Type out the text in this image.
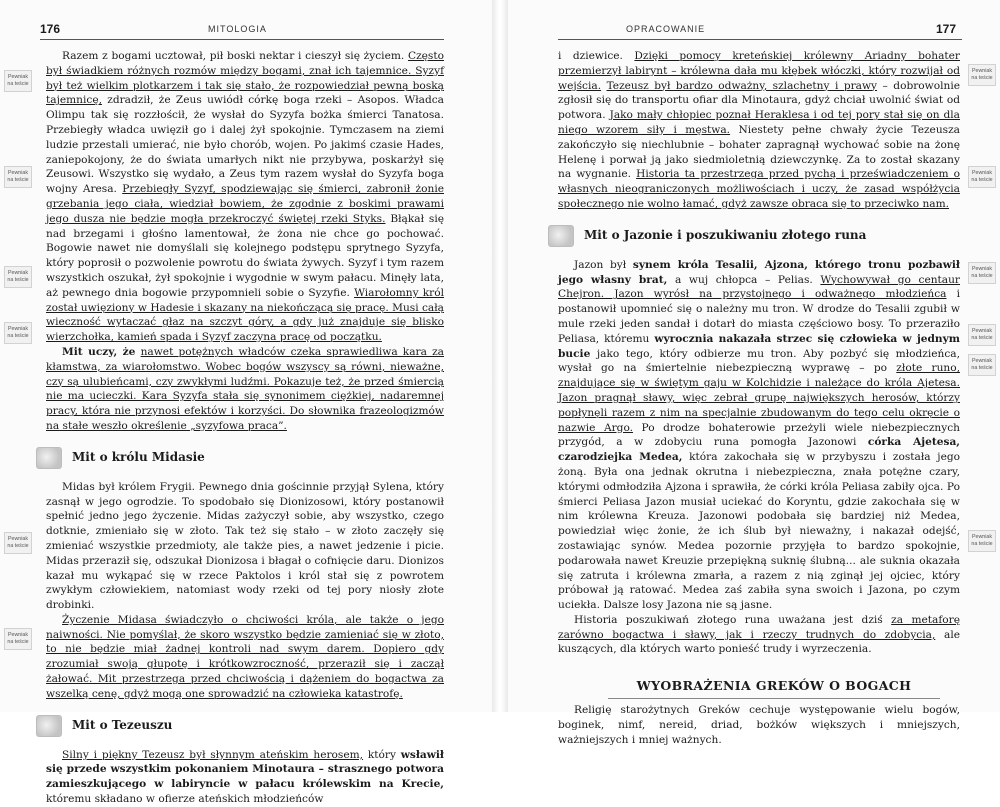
176	MITOLOGIA

Razem z bogami ucztował, pił boski nektar i cieszył się życiem. Często był świadkiem różnych rozmów między bogami, znał ich tajemnice. Syzyf był też wielkim plotkarzem i tak się stało, że rozpowiedział pewną boską tajemnicę, zdradził, że Zeus uwiódł córkę boga rzeki – Asopos. Władca Olimpu tak się rozzłościł, że wysłał do Syzyfa bożka śmierci Tanatosa. Przebiegły władca uwięził go i dalej żył spokojnie. Tymczasem na ziemi ludzie przestali umierać, nie było chorób, wojen. Po jakimś czasie Hades, zaniepokojony, że do świata umarłych nikt nie przybywa, poskarżył się Zeusowi. Wszystko się wydało, a Zeus tym razem wysłał do Syzyfa boga wojny Aresa. Przebiegły Syzyf, spodziewając się śmierci, zabronił żonie grzebania jego ciała, wiedział bowiem, że zgodnie z boskimi prawami jego dusza nie będzie mogła przekroczyć świętej rzeki Styks. Błąkał się nad brzegami i głośno lamentował, że żona nie chce go pochować. Bogowie nawet nie domyślali się kolejnego podstępu sprytnego Syzyfa, który poprosił o pozwolenie powrotu do świata żywych. Syzyf i tym razem wszystkich oszukał, żył spokojnie i wygodnie w swym pałacu. Minęły lata, aż pewnego dnia bogowie przypomnieli sobie o Syzyfie. Wiarołomny król został uwięziony w Hadesie i skazany na niekończącą się pracę. Musi całą wieczność wytaczać głaz na szczyt góry, a gdy już znajduje się blisko wierzchołka, kamień spada i Syzyf zaczyna pracę od początku.

Mit uczy, że nawet potężnych władców czeka sprawiedliwa kara za kłamstwa, za wiarołomstwo. Wobec bogów wszyscy są równi, nieważne, czy są ulubieńcami, czy zwykłymi ludźmi. Pokazuje też, że przed śmiercią nie ma ucieczki. Kara Syzyfa stała się synonimem ciężkiej, nadaremnej pracy, która nie przynosi efektów i korzyści. Do słownika frazeologizmów na stałe weszło określenie „syzyfowa praca”.

Mit o królu Midasie

Midas był królem Frygii. Pewnego dnia gościnnie przyjął Sylena, który zasnął w jego ogrodzie. To spodobało się Dionizosowi, który postanowił spełnić jedno jego życzenie. Midas zażyczył sobie, aby wszystko, czego dotknie, zmieniało się w złoto. Tak też się stało – w złoto zaczęły się zmieniać wszystkie przedmioty, ale także pies, a nawet jedzenie i picie. Midas przeraził się, odszukał Dionizosa i błagał o cofnięcie daru. Dionizos kazał mu wykąpać się w rzece Paktolos i król stał się z powrotem zwykłym człowiekiem, natomiast wody rzeki od tej pory niosły złote drobinki.

Życzenie Midasa świadczyło o chciwości króla, ale także o jego naiwności. Nie pomyślał, że skoro wszystko będzie zamieniać się w złoto, to nie będzie miał żadnej kontroli nad swym darem. Dopiero gdy zrozumiał swoją głupotę i krótkowzroczność, przeraził się i zaczął żałować. Mit przestrzega przed chciwością i dążeniem do bogactwa za wszelką cenę, gdyż mogą one sprowadzić na człowieka katastrofę.

Mit o Tezeuszu

Silny i piękny Tezeusz był słynnym ateńskim herosem, który wsławił się przede wszystkim pokonaniem Minotaura – strasznego potwora zamieszkującego w labiryncie w pałacu królewskim na Krecie, któremu składano w ofierze ateńskich młodzieńców

Pewniak
na teście
Pewniak
na teście
Pewniak
na teście
Pewniak
na teście
Pewniak
na teście
Pewniak
na teście
OPRACOWANIE	177

i dziewice. Dzięki pomocy kreteńskiej królewny Ariadny bohater przemierzył labirynt – królewna dała mu kłębek włóczki, który rozwijał od wejścia. Tezeusz był bardzo odważny, szlachetny i prawy – dobrowolnie zgłosił się do transportu ofiar dla Minotaura, gdyż chciał uwolnić świat od potwora. Jako mały chłopiec poznał Heraklesa i od tej pory stał się on dla niego wzorem siły i męstwa. Niestety pełne chwały życie Tezeusza zakończyło się niechlubnie – bohater zapragnął wychować sobie na żonę Helenę i porwał ją jako siedmioletnią dziewczynkę. Za to został skazany na wygnanie. Historia ta przestrzega przed pychą i przeświadczeniem o własnych nieograniczonych możliwościach i uczy, że zasad współżycia społecznego nie wolno łamać, gdyż zawsze obraca się to przeciwko nam.

Mit o Jazonie i poszukiwaniu złotego runa

Jazon był synem króla Tesalii, Ajzona, którego tronu pozbawił jego własny brat, a wuj chłopca – Pelias. Wychowywał go centaur Chejron. Jazon wyrósł na przystojnego i odważnego młodzieńca i postanowił upomnieć się o należny mu tron. W drodze do Tesalii zgubił w mule rzeki jeden sandał i dotarł do miasta częściowo bosy. To przeraziło Peliasa, któremu wyrocznia nakazała strzec się człowieka w jednym bucie jako tego, który odbierze mu tron. Aby pozbyć się młodzieńca, wysłał go na śmiertelnie niebezpieczną wyprawę – po złote runo, znajdujące się w świętym gaju w Kolchidzie i należące do króla Ajetesa. Jazon pragnął sławy, więc zebrał grupę największych herosów, którzy popłynęli razem z nim na specjalnie zbudowanym do tego celu okręcie o nazwie Argo. Po drodze bohaterowie przeżyli wiele niebezpiecznych przygód, a w zdobyciu runa pomogła Jazonowi córka Ajetesa, czarodziejka Medea, która zakochała się w przybyszu i została jego żoną. Była ona jednak okrutna i niebezpieczna, znała potężne czary, którymi odmłodziła Ajzona i sprawiła, że córki króla Peliasa zabiły ojca. Po śmierci Peliasa Jazon musiał uciekać do Koryntu, gdzie zakochała się w nim królewna Kreuza. Jazonowi podobała się bardziej niż Medea, powiedział więc żonie, że ich ślub był nieważny, i nakazał odejść, zostawiając synów. Medea pozornie przyjęła to bardzo spokojnie, podarowała nawet Kreuzie przepiękną suknię ślubną... ale suknia okazała się zatruta i królewna zmarła, a razem z nią zginął jej ojciec, który próbował ją ratować. Medea zaś zabiła syna swoich i Jazona, po czym uciekła. Dalsze losy Jazona nie są jasne.

Historia poszukiwań złotego runa uważana jest dziś za metaforę zarówno bogactwa i sławy, jak i rzeczy trudnych do zdobycia, ale kuszących, dla których warto ponieść trudy i wyrzeczenia.

WYOBRAŻENIA GREKÓW O BOGACH

Religię starożytnych Greków cechuje występowanie wielu bogów, boginek, nimf, nereid, driad, bożków większych i mniejszych, ważniejszych i mniej ważnych.

Pewniak
na teście
Pewniak
na teście
Pewniak
na teście
Pewniak
na teście
Pewniak
na teście
Pewniak
na teście
